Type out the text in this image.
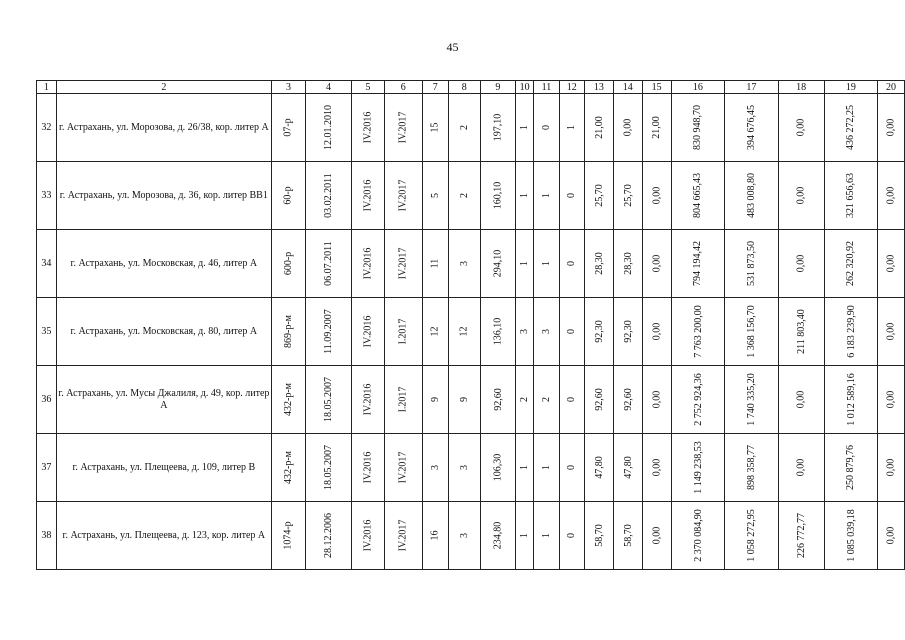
45
1	2	3	4	5	6	7	8	9	10	11	12	13	14	15	16	17	18	19	20
32	г. Астрахань, ул. Морозова, д. 26/38, кор. литер А	07-р	12.01.2010	IV.2016	IV.2017	15	2	197,10	1	0	1	21,00	0,00	21,00	830 948,70	394 676,45	0,00	436 272,25	0,00
33	г. Астрахань, ул. Морозова, д. 36, кор. литер ВВ1	60-р	03.02.2011	IV.2016	IV.2017	5	2	160,10	1	1	0	25,70	25,70	0,00	804 665,43	483 008,80	0,00	321 656,63	0,00
34	г. Астрахань, ул. Московская, д. 46, литер А	600-р	06.07.2011	IV.2016	IV.2017	11	3	294,10	1	1	0	28,30	28,30	0,00	794 194,42	531 873,50	0,00	262 320,92	0,00
35	г. Астрахань, ул. Московская, д. 80, литер А	869-р-м	11.09.2007	IV.2016	I.2017	12	12	136,10	3	3	0	92,30	92,30	0,00	7 763 200,00	1 368 156,70	211 803,40	6 183 239,90	0,00
36	г. Астрахань, ул. Мусы Джалиля, д. 49, кор. литер А	432-р-м	18.05.2007	IV.2016	I.2017	9	9	92,60	2	2	0	92,60	92,60	0,00	2 752 924,36	1 740 335,20	0,00	1 012 589,16	0,00
37	г. Астрахань, ул. Плещеева, д. 109, литер В	432-р-м	18.05.2007	IV.2016	IV.2017	3	3	106,30	1	1	0	47,80	47,80	0,00	1 149 238,53	898 358,77	0,00	250 879,76	0,00
38	г. Астрахань, ул. Плещеева, д. 123, кор. литер А	1074-р	28.12.2006	IV.2016	IV.2017	16	3	234,80	1	1	0	58,70	58,70	0,00	2 370 084,90	1 058 272,95	226 772,77	1 085 039,18	0,00
